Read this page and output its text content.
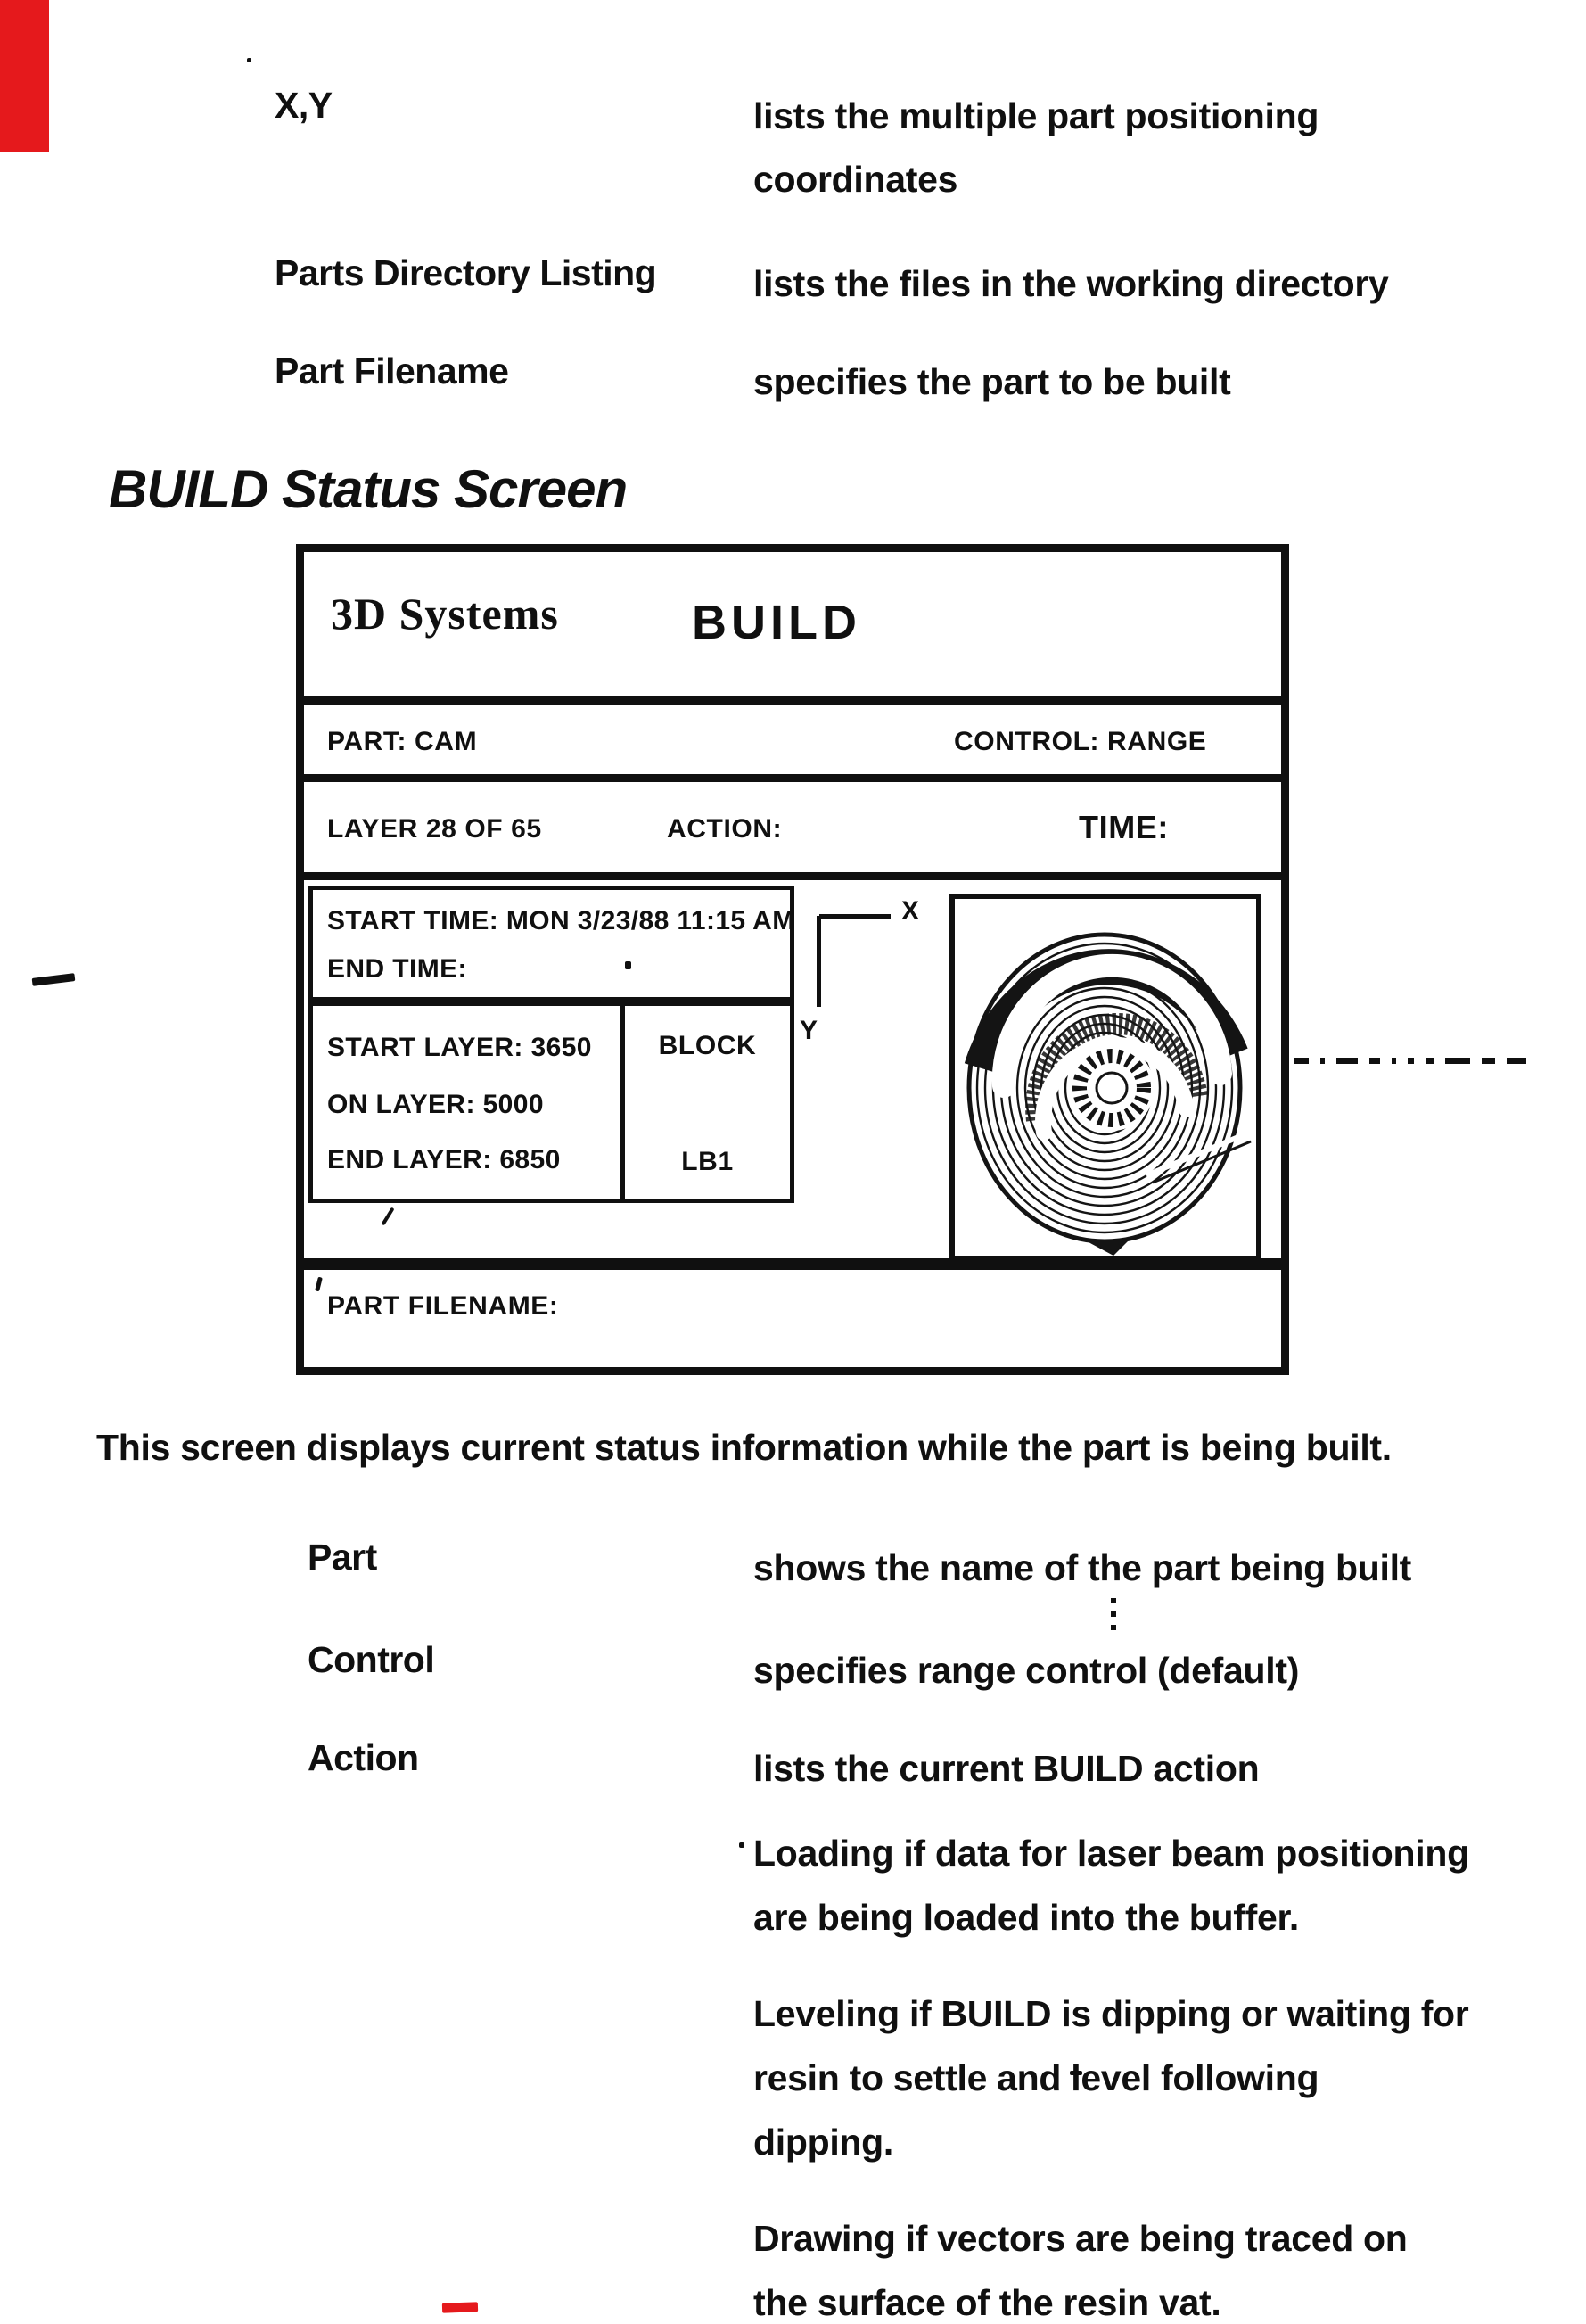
X,Y	lists the multiple part positioning
coordinates
Parts Directory Listing	lists the files in the working directory
Part Filename	specifies the part to be built
BUILD Status Screen
3D Systems	BUILD
PART: CAM	CONTROL: RANGE
LAYER 28 OF 65	ACTION:	TIME:
START TIME: MON 3/23/88 11:15 AM
END TIME:
START LAYER: 3650
ON LAYER: 5000
END LAYER: 6850
BLOCK
LB1
X
Y
PART FILENAME:
This screen displays current status information while the part is being built.
Part	shows the name of the part being built
Control	specifies range control (default)
Action	lists the current BUILD action
Loading if data for laser beam positioning
are being loaded into the buffer.
Leveling if BUILD is dipping or waiting for
resin to settle and level following
dipping.
Drawing if vectors are being traced on
the surface of the resin vat.
